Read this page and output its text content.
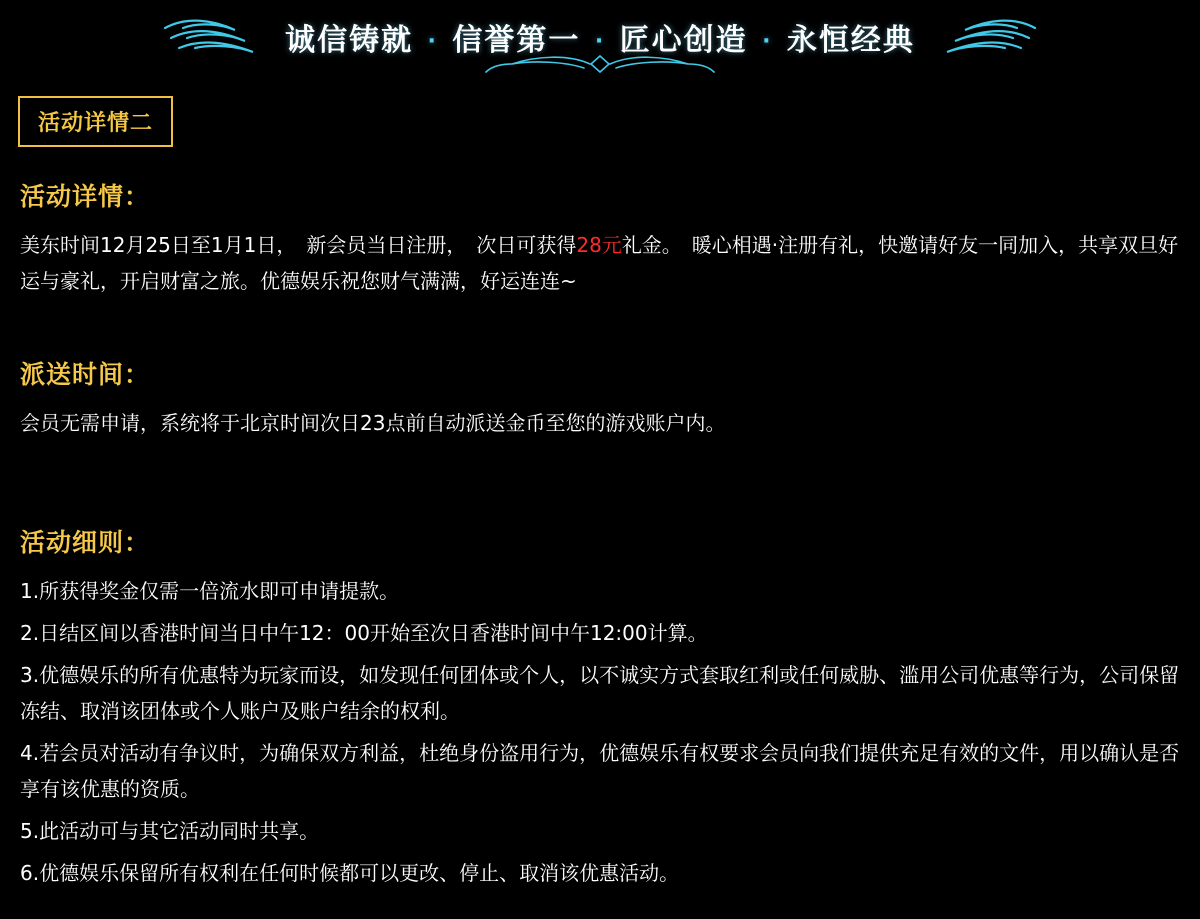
诚信铸就 · 信誉第一 · 匠心创造 · 永恒经典
活动详情二
活动详情：
美东时间12月25日至1月1日，　新会员当日注册，　次日可获得28元礼金。　暖心相遇·注册有礼，快邀请好友一同加入，共享双旦好运与豪礼，开启财富之旅。优德娱乐祝您财气满满，好运连连~
派送时间：
会员无需申请，系统将于北京时间次日23点前自动派送金币至您的游戏账户内。
活动细则：
1.所获得奖金仅需一倍流水即可申请提款。
2.日结区间以香港时间当日中午12：00开始至次日香港时间中午12:00计算。
3.优德娱乐的所有优惠特为玩家而设，如发现任何团体或个人，以不诚实方式套取红利或任何威胁、滥用公司优惠等行为，公司保留冻结、取消该团体或个人账户及账户结余的权利。
4.若会员对活动有争议时，为确保双方利益，杜绝身份盗用行为，优德娱乐有权要求会员向我们提供充足有效的文件，用以确认是否享有该优惠的资质。
5.此活动可与其它活动同时共享。
6.优德娱乐保留所有权利在任何时候都可以更改、停止、取消该优惠活动。
